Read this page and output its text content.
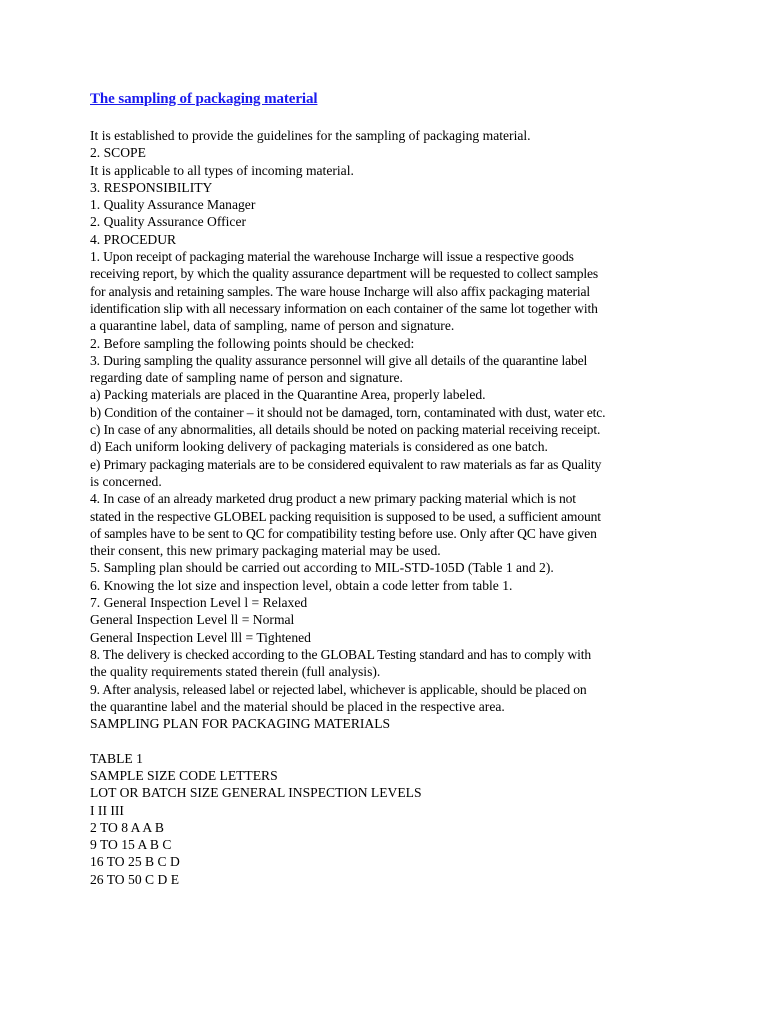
The sampling of packaging material
It is established to provide the guidelines for the sampling of packaging material.
2. SCOPE
It is applicable to all types of incoming material.
3. RESPONSIBILITY
1. Quality Assurance Manager
2. Quality Assurance Officer
4. PROCEDUR
1. Upon receipt of packaging material the warehouse Incharge will issue a respective goods
receiving report, by which the quality assurance department will be requested to collect samples
for analysis and retaining samples. The ware house Incharge will also affix packaging material
identification slip with all necessary information on each container of the same lot together with
a quarantine label, data of sampling, name of person and signature.
2. Before sampling the following points should be checked:
3. During sampling the quality assurance personnel will give all details of the quarantine label
regarding date of sampling name of person and signature.
a) Packing materials are placed in the Quarantine Area, properly labeled.
b) Condition of the container – it should not be damaged, torn, contaminated with dust, water etc.
c) In case of any abnormalities, all details should be noted on packing material receiving receipt.
d) Each uniform looking delivery of packaging materials is considered as one batch.
e) Primary packaging materials are to be considered equivalent to raw materials as far as Quality
is concerned.
4. In case of an already marketed drug product a new primary packing material which is not
stated in the respective GLOBEL packing requisition is supposed to be used, a sufficient amount
of samples have to be sent to QC for compatibility testing before use. Only after QC have given
their consent, this new primary packaging material may be used.
5. Sampling plan should be carried out according to MIL-STD-105D (Table 1 and 2).
6. Knowing the lot size and inspection level, obtain a code letter from table 1.
7. General Inspection Level l = Relaxed
General Inspection Level ll = Normal
General Inspection Level lll = Tightened
8. The delivery is checked according to the GLOBAL Testing standard and has to comply with
the quality requirements stated therein (full analysis).
9. After analysis, released label or rejected label, whichever is applicable, should be placed on
the quarantine label and the material should be placed in the respective area.
SAMPLING PLAN FOR PACKAGING MATERIALS
TABLE 1
SAMPLE SIZE CODE LETTERS
LOT OR BATCH SIZE GENERAL INSPECTION LEVELS
I II III
2 TO 8 A A B
9 TO 15 A B C
16 TO 25 B C D
26 TO 50 C D E
